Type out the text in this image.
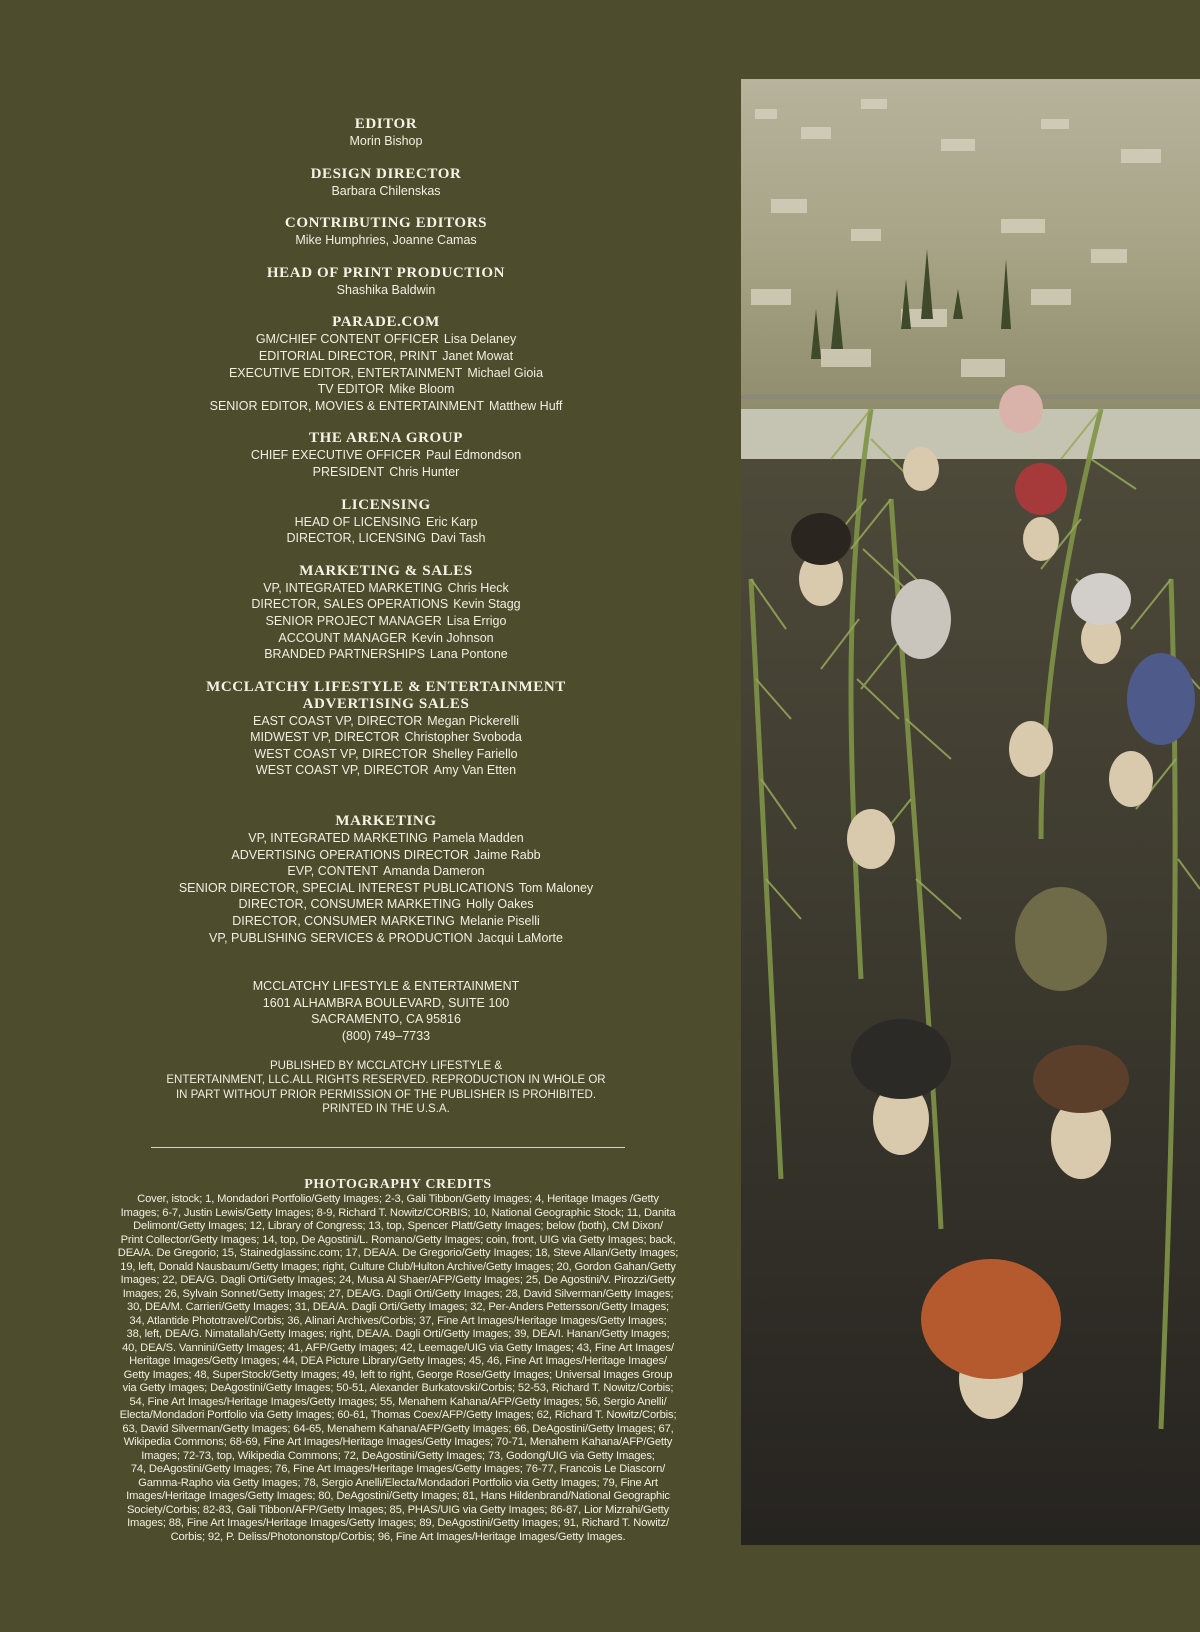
EDITOR
Morin Bishop
DESIGN DIRECTOR
Barbara Chilenskas
CONTRIBUTING EDITORS
Mike Humphries, Joanne Camas
HEAD OF PRINT PRODUCTION
Shashika Baldwin
PARADE.COM
GM/CHIEF CONTENT OFFICER Lisa Delaney
EDITORIAL DIRECTOR, PRINT Janet Mowat
EXECUTIVE EDITOR, ENTERTAINMENT Michael Gioia
TV EDITOR Mike Bloom
SENIOR EDITOR, MOVIES & ENTERTAINMENT Matthew Huff
THE ARENA GROUP
CHIEF EXECUTIVE OFFICER Paul Edmondson
PRESIDENT Chris Hunter
LICENSING
HEAD OF LICENSING Eric Karp
DIRECTOR, LICENSING Davi Tash
MARKETING & SALES
VP, INTEGRATED MARKETING Chris Heck
DIRECTOR, SALES OPERATIONS Kevin Stagg
SENIOR PROJECT MANAGER Lisa Errigo
ACCOUNT MANAGER Kevin Johnson
BRANDED PARTNERSHIPS Lana Pontone
MCCLATCHY LIFESTYLE & ENTERTAINMENT
ADVERTISING SALES
EAST COAST VP, DIRECTOR Megan Pickerelli
MIDWEST VP, DIRECTOR Christopher Svoboda
WEST COAST VP, DIRECTOR Shelley Fariello
WEST COAST VP, DIRECTOR Amy Van Etten
MARKETING
VP, INTEGRATED MARKETING Pamela Madden
ADVERTISING OPERATIONS DIRECTOR Jaime Rabb
EVP, CONTENT Amanda Dameron
SENIOR DIRECTOR, SPECIAL INTEREST PUBLICATIONS Tom Maloney
DIRECTOR, CONSUMER MARKETING Holly Oakes
DIRECTOR, CONSUMER MARKETING Melanie Piselli
VP, PUBLISHING SERVICES & PRODUCTION Jacqui LaMorte
MCCLATCHY LIFESTYLE & ENTERTAINMENT
1601 ALHAMBRA BOULEVARD, SUITE 100
SACRAMENTO, CA 95816
(800) 749–7733
PUBLISHED BY MCCLATCHY LIFESTYLE &
ENTERTAINMENT, LLC.ALL RIGHTS RESERVED. REPRODUCTION IN WHOLE OR
IN PART WITHOUT PRIOR PERMISSION OF THE PUBLISHER IS PROHIBITED.
PRINTED IN THE U.S.A.
PHOTOGRAPHY CREDITS
Cover, istock; 1, Mondadori Portfolio/Getty Images; 2-3, Gali Tibbon/Getty Images; 4, Heritage Images /Getty
Images; 6-7, Justin Lewis/Getty Images; 8-9, Richard T. Nowitz/CORBIS; 10, National Geographic Stock; 11, Danita
Delimont/Getty Images; 12, Library of Congress; 13, top, Spencer Platt/Getty Images; below (both), CM Dixon/
Print Collector/Getty Images; 14, top, De Agostini/L. Romano/Getty Images; coin, front, UIG via Getty Images; back,
DEA/A. De Gregorio; 15, Stainedglassinc.com; 17, DEA/A. De Gregorio/Getty Images; 18, Steve Allan/Getty Images;
19, left, Donald Nausbaum/Getty Images; right, Culture Club/Hulton Archive/Getty Images; 20, Gordon Gahan/Getty
Images; 22, DEA/G. Dagli Orti/Getty Images; 24, Musa Al Shaer/AFP/Getty Images; 25, De Agostini/V. Pirozzi/Getty
Images; 26, Sylvain Sonnet/Getty Images; 27, DEA/G. Dagli Orti/Getty Images; 28, David Silverman/Getty Images;
30, DEA/M. Carrieri/Getty Images; 31, DEA/A. Dagli Orti/Getty Images; 32, Per-Anders Pettersson/Getty Images;
34, Atlantide Phototravel/Corbis; 36, Alinari Archives/Corbis; 37, Fine Art Images/Heritage Images/Getty Images;
38, left, DEA/G. Nimatallah/Getty Images; right, DEA/A. Dagli Orti/Getty Images; 39, DEA/I. Hanan/Getty Images;
40, DEA/S. Vannini/Getty Images; 41, AFP/Getty Images; 42, Leemage/UIG via Getty Images; 43, Fine Art Images/
Heritage Images/Getty Images; 44, DEA Picture Library/Getty Images; 45, 46, Fine Art Images/Heritage Images/
Getty Images; 48, SuperStock/Getty Images; 49, left to right, George Rose/Getty Images; Universal Images Group
via Getty Images; DeAgostini/Getty Images; 50-51, Alexander Burkatovski/Corbis; 52-53, Richard T. Nowitz/Corbis;
54, Fine Art Images/Heritage Images/Getty Images; 55, Menahem Kahana/AFP/Getty Images; 56, Sergio Anelli/
Electa/Mondadori Portfolio via Getty Images; 60-61, Thomas Coex/AFP/Getty Images; 62, Richard T. Nowitz/Corbis;
63, David Silverman/Getty Images; 64-65, Menahem Kahana/AFP/Getty Images; 66, DeAgostini/Getty Images; 67,
Wikipedia Commons; 68-69, Fine Art Images/Heritage Images/Getty Images; 70-71, Menahem Kahana/AFP/Getty
Images; 72-73, top, Wikipedia Commons; 72, DeAgostini/Getty Images; 73, Godong/UIG via Getty Images;
74, DeAgostini/Getty Images; 76, Fine Art Images/Heritage Images/Getty Images; 76-77, Francois Le Diascorn/
Gamma-Rapho via Getty Images; 78, Sergio Anelli/Electa/Mondadori Portfolio via Getty Images; 79, Fine Art
Images/Heritage Images/Getty Images; 80, DeAgostini/Getty Images; 81, Hans Hildenbrand/National Geographic
Society/Corbis; 82-83, Gali Tibbon/AFP/Getty Images; 85, PHAS/UIG via Getty Images; 86-87, Lior Mizrahi/Getty
Images; 88, Fine Art Images/Heritage Images/Getty Images; 89, DeAgostini/Getty Images; 91, Richard T. Nowitz/
Corbis; 92, P. Deliss/Photononstop/Corbis; 96, Fine Art Images/Heritage Images/Getty Images.
